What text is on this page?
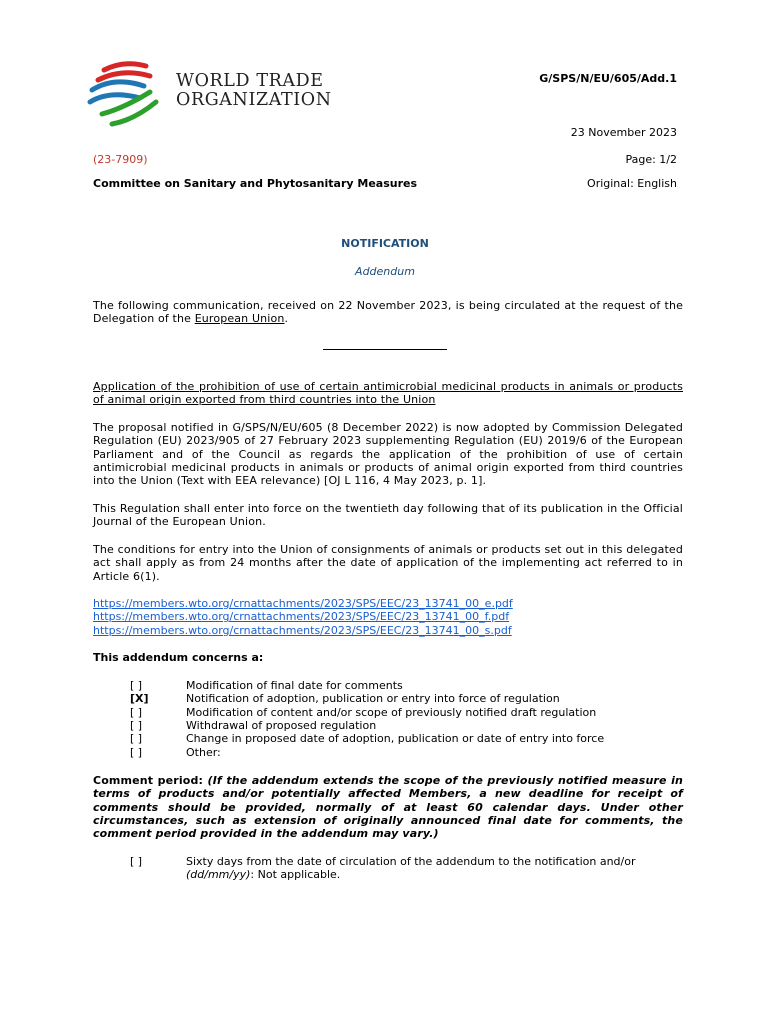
WORLD TRADE
ORGANIZATION
G/SPS/N/EU/605/Add.1
23 November 2023
(23-7909)	Page: 1/2
Committee on Sanitary and Phytosanitary Measures	Original: English
NOTIFICATION
Addendum
The following communication, received on 22 November 2023, is being circulated at the request of the Delegation of the European Union.
Application of the prohibition of use of certain antimicrobial medicinal products in animals or products of animal origin exported from third countries into the Union
The proposal notified in G/SPS/N/EU/605 (8 December 2022) is now adopted by Commission Delegated Regulation (EU) 2023/905 of 27 February 2023 supplementing Regulation (EU) 2019/6 of the European Parliament and of the Council as regards the application of the prohibition of use of certain antimicrobial medicinal products in animals or products of animal origin exported from third countries into the Union (Text with EEA relevance) [OJ L 116, 4 May 2023, p. 1].
This Regulation shall enter into force on the twentieth day following that of its publication in the Official Journal of the European Union.
The conditions for entry into the Union of consignments of animals or products set out in this delegated act shall apply as from 24 months after the date of application of the implementing act referred to in Article 6(1).
https://members.wto.org/crnattachments/2023/SPS/EEC/23_13741_00_e.pdf
https://members.wto.org/crnattachments/2023/SPS/EEC/23_13741_00_f.pdf
https://members.wto.org/crnattachments/2023/SPS/EEC/23_13741_00_s.pdf
This addendum concerns a:
[ ]	Modification of final date for comments
[X]	Notification of adoption, publication or entry into force of regulation
[ ]	Modification of content and/or scope of previously notified draft regulation
[ ]	Withdrawal of proposed regulation
[ ]	Change in proposed date of adoption, publication or date of entry into force
[ ]	Other:
Comment period: (If the addendum extends the scope of the previously notified measure in terms of products and/or potentially affected Members, a new deadline for receipt of comments should be provided, normally of at least 60 calendar days. Under other circumstances, such as extension of originally announced final date for comments, the comment period provided in the addendum may vary.)
[ ]	Sixty days from the date of circulation of the addendum to the notification and/or
(dd/mm/yy): Not applicable.
